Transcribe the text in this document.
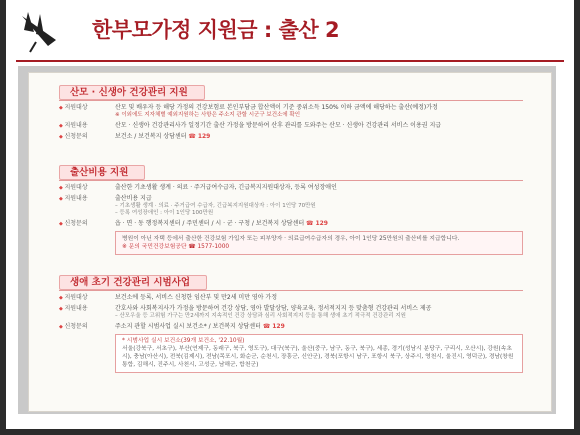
한부모가정 지원금 : 출산 2
산모 · 신생아 건강관리 지원
◆ 지원대상	산모 및 배우자 등 해당 가정의 건강보험료 본인부담금 합산액이 기준 중위소득 150% 이하 금액에 해당하는 출산(예정)가정
※ 이외에도 지자체별 예외지원하는 사항은 주소지 관할 시군구 보건소에 확인
◆ 지원내용	산모 · 신생아 건강관리사가 일정기간 출산 가정을 방문하여 산후 관리를 도와주는 산모 · 신생아 건강관리 서비스 이용권 지급
◆ 신청문의	보건소 / 보건복지 상담센터 ☎ 129
출산비용 지원
◆ 지원대상	출산한 기초생활 생계 · 의료 · 주거급여수급자, 긴급복지지원대상자, 등록 여성장애인
◆ 지원내용	출산비용 지급
– 기초생활 생계 · 의료 · 주거급여 수급자, 긴급복지지원대상자 : 아이 1인당 70만원
– 등록 여성장애인 : 아이 1인당 100만원
◆ 신청문의	읍 · 면 · 동 행정복지센터 / 주민센터 / 시 · 군 · 구청 / 보건복지 상담센터 ☎ 129
병원이 아닌 자택 등에서 출산한 건강보험 가입자 또는 피부양자 · 의료급여수급자의 경우, 아이 1인당 25만원의 출산비를 지급합니다.
※ 문의 국민건강보험공단 ☎ 1577-1000
생애 초기 건강관리 시범사업
◆ 지원대상	보건소에 등록, 서비스 신청한 임산부 및 만2세 미만 영아 가정
◆ 지원내용	간호사와 사회복지사가 가정을 방문하여 건강 상담, 영아 발달상담, 양육교육, 정서적지지 등 맞춤형 건강관리 서비스 제공
– 산모우울 등 고위험 가구는 만2세까지 지속적인 건강 상담과 심리 사회적지지 등을 통해 생애 초기 적극적 건강관리 지원
◆ 신청문의	주소지 관할 시범사업 실시 보건소* / 보건복지 상담센터 ☎ 129
* 시범사업 실시 보건소(39개 보건소, '22.10월)
서울(강북구, 서초구), 부산(연제구, 동래구, 북구, 영도구), 대구(북구), 울산(중구, 남구, 동구, 북구), 세종, 경기(성남시 분당구, 구리시, 오산시), 강원(속초시), 충남(아산시), 전북(김제시), 전남(목포시, 화순군, 순천시, 장흥군, 신안군), 경북(포항시 남구, 포항시 북구, 상주시, 영천시, 울진시, 영덕군), 경남(창원통합, 김해시, 진주시, 사천시, 고성군, 남해군, 합천군)
